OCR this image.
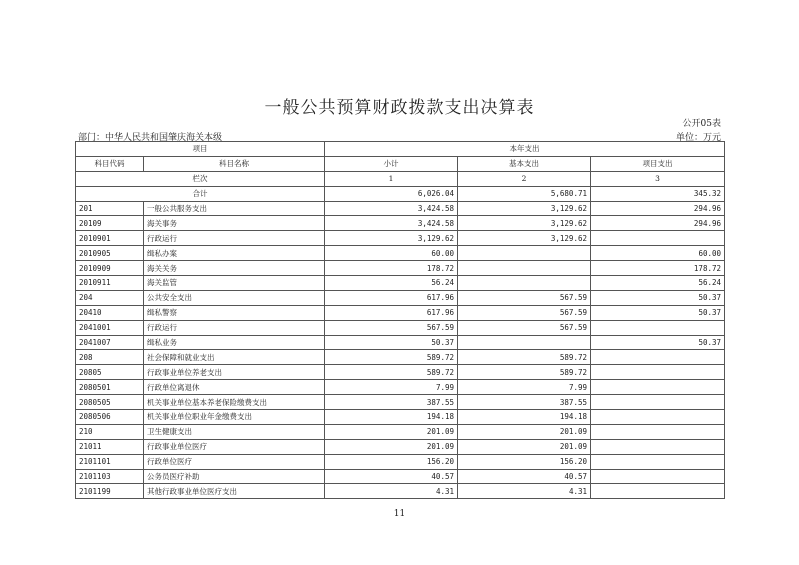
一般公共预算财政拨款支出决算表
公开05表
部门：中华人民共和国肇庆海关本级	单位：万元
项目		本年支出		
科目代码	科目名称	小计	基本支出	项目支出
栏次		1	2	3
合计		6,026.04	5,680.71	345.32
201	一般公共服务支出	3,424.58	3,129.62	294.96
20109	海关事务	3,424.58	3,129.62	294.96
2010901	行政运行	3,129.62	3,129.62	
2010905	缉私办案	60.00		60.00
2010909	海关关务	178.72		178.72
2010911	海关监管	56.24		56.24
204	公共安全支出	617.96	567.59	50.37
20410	缉私警察	617.96	567.59	50.37
2041001	行政运行	567.59	567.59	
2041007	缉私业务	50.37		50.37
208	社会保障和就业支出	589.72	589.72	
20805	行政事业单位养老支出	589.72	589.72	
2080501	行政单位离退休	7.99	7.99	
2080505	机关事业单位基本养老保险缴费支出	387.55	387.55	
2080506	机关事业单位职业年金缴费支出	194.18	194.18	
210	卫生健康支出	201.09	201.09	
21011	行政事业单位医疗	201.09	201.09	
2101101	行政单位医疗	156.20	156.20	
2101103	公务员医疗补助	40.57	40.57	
2101199	其他行政事业单位医疗支出	4.31	4.31	
11
